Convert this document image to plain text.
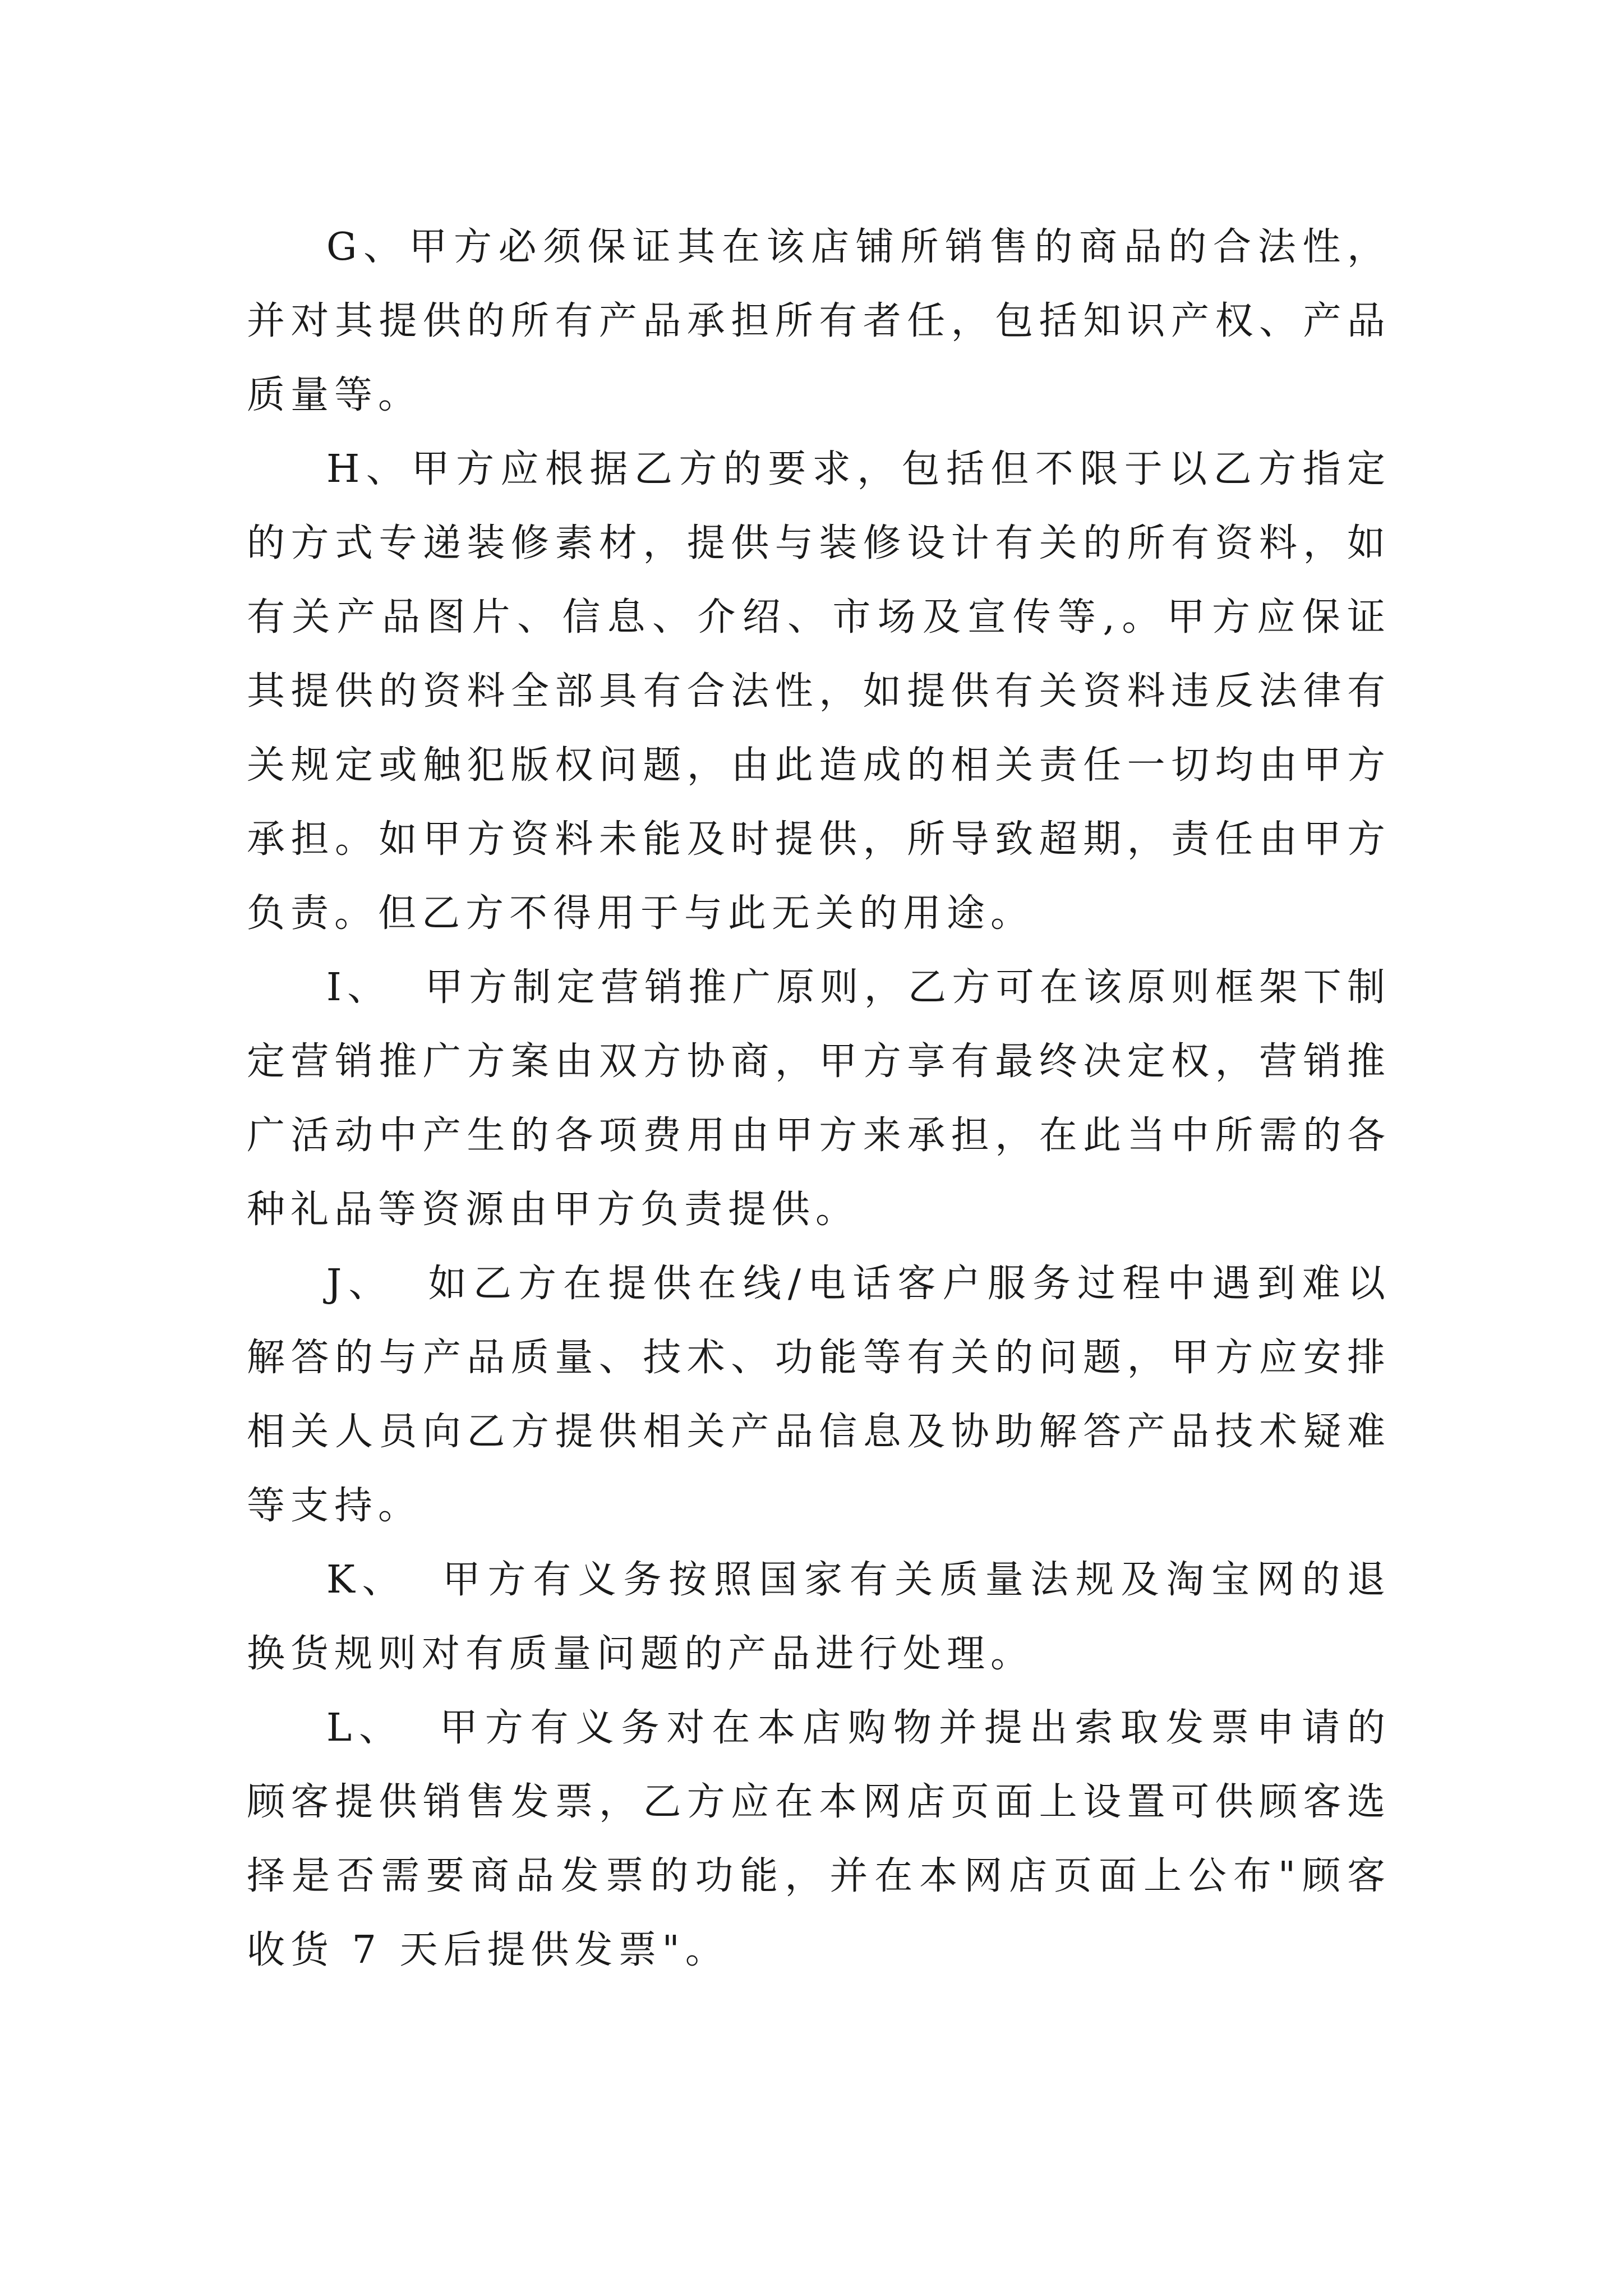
G、甲方必须保证其在该店铺所销售的商品的合法性，并对其提供的所有产品承担所有者任，包括知识产权、产品质量等。

H、甲方应根据乙方的要求，包括但不限于以乙方指定的方式专递装修素材，提供与装修设计有关的所有资料，如有关产品图片、信息、介绍、市场及宣传等,。甲方应保证其提供的资料全部具有合法性，如提供有关资料违反法律有关规定或触犯版权问题，由此造成的相关责任一切均由甲方承担。如甲方资料未能及时提供，所导致超期，责任由甲方负责。但乙方不得用于与此无关的用途。

I、 甲方制定营销推广原则，乙方可在该原则框架下制定营销推广方案由双方协商，甲方享有最终决定权，营销推广活动中产生的各项费用由甲方来承担，在此当中所需的各种礼品等资源由甲方负责提供。

J、 如乙方在提供在线/电话客户服务过程中遇到难以解答的与产品质量、技术、功能等有关的问题，甲方应安排相关人员向乙方提供相关产品信息及协助解答产品技术疑难等支持。

K、 甲方有义务按照国家有关质量法规及淘宝网的退换货规则对有质量问题的产品进行处理。

L、 甲方有义务对在本店购物并提出索取发票申请的顾客提供销售发票，乙方应在本网店页面上设置可供顾客选择是否需要商品发票的功能，并在本网店页面上公布"顾客收货 7 天后提供发票"。
